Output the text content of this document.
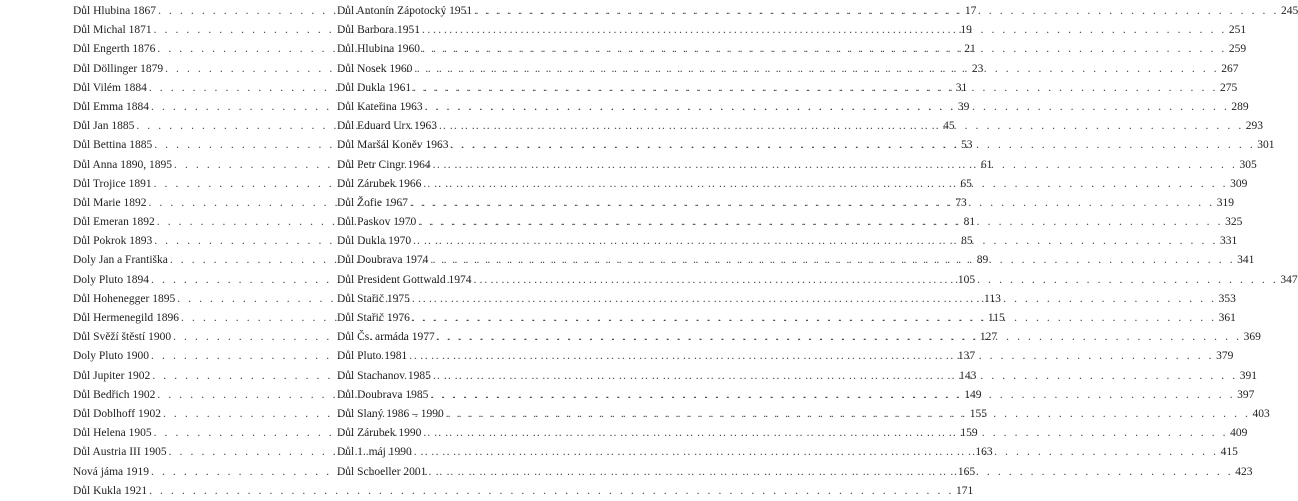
Důl Hlubina 1867 . . .	17
Důl Michal 1871 . . .	19
Důl Engerth 1876 . . .	21
Důl Döllinger 1879 . . .	23
Důl Vilém 1884 . . .	31
Důl Emma 1884 . . .	39
Důl Jan 1885 . . .	45
Důl Bettina 1885 . . .	53
Důl Anna 1890, 1895 . . .	61
Důl Trojice 1891 . . .	65
Důl Marie 1892 . . .	73
Důl Emeran 1892 . . .	81
Důl Pokrok 1893 . . .	85
Doly Jan a Františka . . .	89
Doly Pluto 1894 . . .	105
Důl Hohenegger 1895 . . .	113
Důl Hermenegild 1896 . . .	115
Důl Svěží štěstí 1900 . . .	127
Doly Pluto 1900 . . .	137
Důl Jupiter 1902 . . .	143
Důl Bedřich 1902 . . .	149
Důl Doblhoff 1902 . . .	155
Důl Helena 1905 . . .	159
Důl Austria III 1905 . . .	163
Nová jáma 1919 . . .	165
Důl Kukla 1921 . . .	171
Důl Antonín Zápotocký 1951 . . .	245
Důl Barbora 1951 . . .	251
Důl Hlubina 1960 . . .	259
Důl Nosek 1960 . . .	267
Důl Dukla 1961 . . .	275
Důl Kateřina 1963 . . .	289
Důl Eduard Urx 1963 . . .	293
Důl Maršál Koněv 1963 . . .	301
Důl Petr Cingr 1964 . . .	305
Důl Zárubek 1966 . . .	309
Důl Žofie 1967 . . .	319
Důl Paskov 1970 . . .	325
Důl Dukla 1970 . . .	331
Důl Doubrava 1974 . . .	341
Důl President Gottwald 1974 . . .	347
Důl Stařič 1975 . . .	353
Důl Stařič 1976 . . .	361
Důl Čs. armáda 1977 . . .	369
Důl Pluto 1981 . . .	379
Důl Stachanov 1985 . . .	391
Důl Doubrava 1985 . . .	397
Důl Slaný 1986 – 1990 . . .	403
Důl Zárubek 1990 . . .	409
Důl 1. máj 1990 . . .	415
Důl Schoeller 2001 . . .	423
